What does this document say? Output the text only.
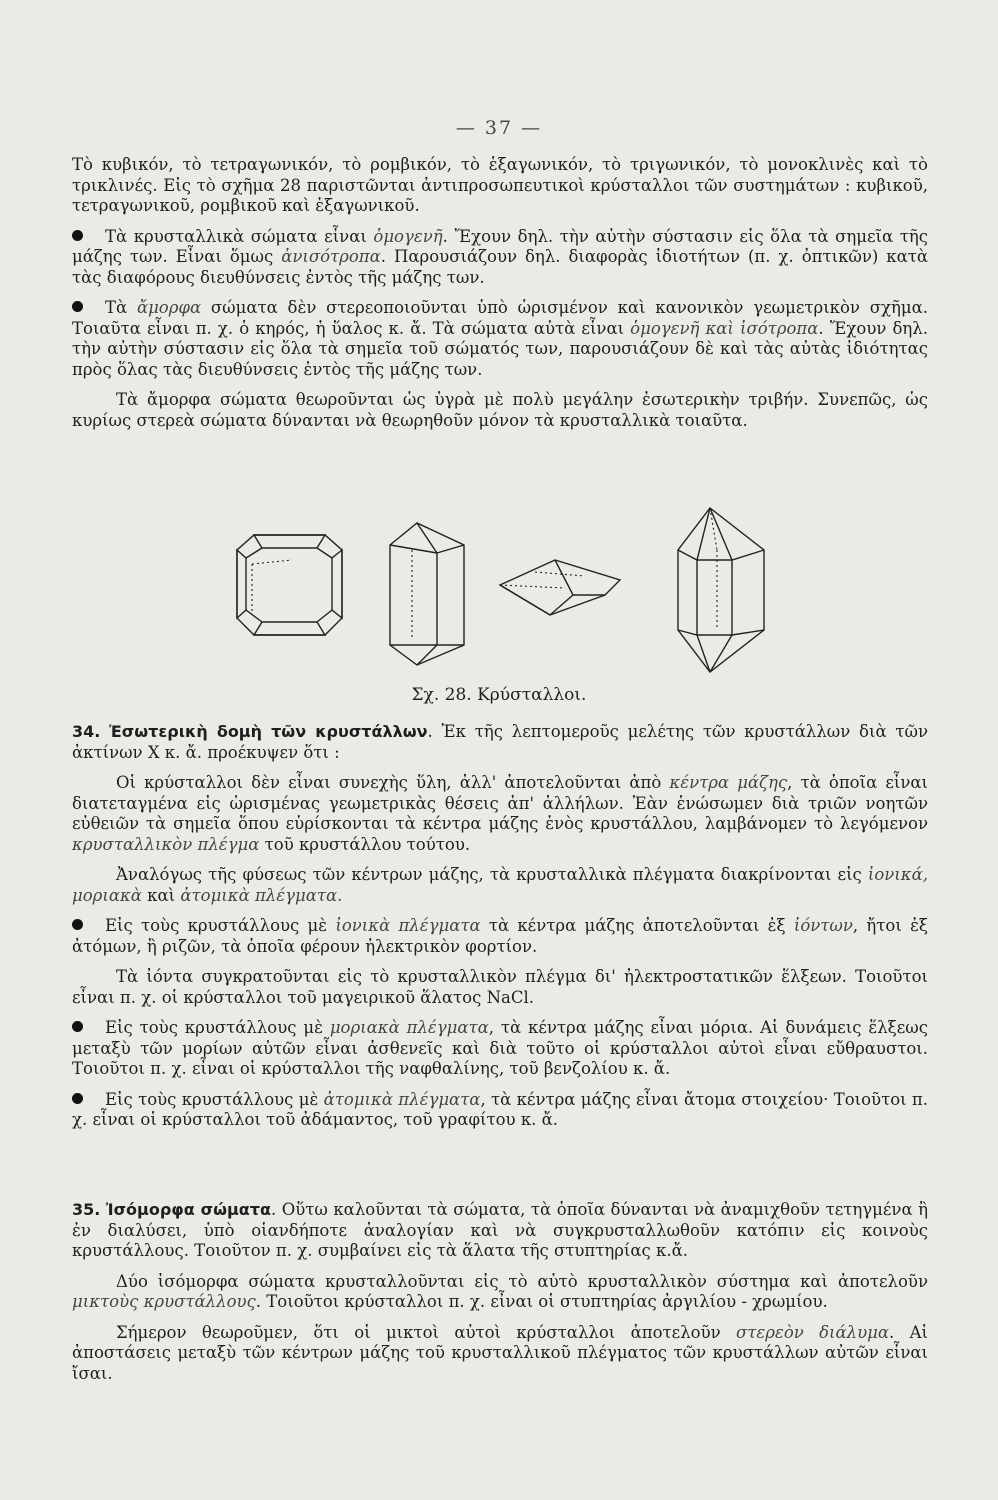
— 37 —

Τὸ κυβικόν, τὸ τετραγωνικόν, τὸ ρομβικόν, τὸ ἑξαγωνικόν, τὸ τριγωνικόν, τὸ μονοκλινὲς καὶ τὸ τρικλινές. Εἰς τὸ σχῆμα 28 παριστῶνται ἀντιπροσωπευτικοὶ κρύσταλλοι τῶν συστημάτων : κυβικοῦ, τετραγωνικοῦ, ρομβικοῦ καὶ ἑξαγωνικοῦ.

Τὰ κρυσταλλικὰ σώματα εἶναι ὁμογενῆ. Ἔχουν δηλ. τὴν αὐτὴν σύστασιν εἰς ὅλα τὰ σημεῖα τῆς μάζης των. Εἶναι ὅμως ἀνισότροπα. Παρουσιάζουν δηλ. διαφορὰς ἰδιοτήτων (π. χ. ὀπτικῶν) κατὰ τὰς διαφόρους διευθύνσεις ἐντὸς τῆς μάζης των.

Τὰ ἄμορφα σώματα δὲν στερεοποιοῦνται ὑπὸ ὡρισμένον καὶ κανονικὸν γεωμετρικὸν σχῆμα. Τοιαῦτα εἶναι π. χ. ὁ κηρός, ἡ ὕαλος κ. ἄ. Τὰ σώματα αὐτὰ εἶναι ὁμογενῆ καὶ ἰσότροπα. Ἔχουν δηλ. τὴν αὐτὴν σύστασιν εἰς ὅλα τὰ σημεῖα τοῦ σώματός των, παρουσιάζουν δὲ καὶ τὰς αὐτὰς ἰδιότητας πρὸς ὅλας τὰς διευθύνσεις ἐντὸς τῆς μάζης των.

Τὰ ἄμορφα σώματα θεωροῦνται ὡς ὑγρὰ μὲ πολὺ μεγάλην ἐσωτερικὴν τριβήν. Συνεπῶς, ὡς κυρίως στερεὰ σώματα δύνανται νὰ θεωρηθοῦν μόνον τὰ κρυσταλλικὰ τοιαῦτα.

Σχ. 28. Κρύσταλλοι.

34. Ἐσωτερικὴ δομὴ τῶν κρυστάλλων. Ἐκ τῆς λεπτομεροῦς μελέτης τῶν κρυστάλλων διὰ τῶν ἀκτίνων Χ κ. ἄ. προέκυψεν ὅτι :

Οἱ κρύσταλλοι δὲν εἶναι συνεχὴς ὕλη, ἀλλ' ἀποτελοῦνται ἀπὸ κέντρα μάζης, τὰ ὁποῖα εἶναι διατεταγμένα εἰς ὡρισμένας γεωμετρικὰς θέσεις ἀπ' ἀλλήλων. Ἐὰν ἑνώσωμεν διὰ τριῶν νοητῶν εὐθειῶν τὰ σημεῖα ὅπου εὑρίσκονται τὰ κέντρα μάζης ἑνὸς κρυστάλλου, λαμβάνομεν τὸ λεγόμενον κρυσταλλικὸν πλέγμα τοῦ κρυστάλλου τούτου.

Ἀναλόγως τῆς φύσεως τῶν κέντρων μάζης, τὰ κρυσταλλικὰ πλέγματα διακρίνονται εἰς ἰονικά, μοριακὰ καὶ ἀτομικὰ πλέγματα.

Εἰς τοὺς κρυστάλλους μὲ ἰονικὰ πλέγματα τὰ κέντρα μάζης ἀποτελοῦνται ἐξ ἰόντων, ἤτοι ἐξ ἀτόμων, ἢ ριζῶν, τὰ ὁποῖα φέρουν ἠλεκτρικὸν φορτίον.

Τὰ ἰόντα συγκρατοῦνται εἰς τὸ κρυσταλλικὸν πλέγμα δι' ἠλεκτροστατικῶν ἕλξεων. Τοιοῦτοι εἶναι π. χ. οἱ κρύσταλλοι τοῦ μαγειρικοῦ ἅλατος NaCl.

Εἰς τοὺς κρυστάλλους μὲ μοριακὰ πλέγματα, τὰ κέντρα μάζης εἶναι μόρια. Αἱ δυνάμεις ἕλξεως μεταξὺ τῶν μορίων αὐτῶν εἶναι ἀσθενεῖς καὶ διὰ τοῦτο οἱ κρύσταλλοι αὐτοὶ εἶναι εὔθραυστοι. Τοιοῦτοι π. χ. εἶναι οἱ κρύσταλλοι τῆς ναφθαλίνης, τοῦ βενζολίου κ. ἄ.

Εἰς τοὺς κρυστάλλους μὲ ἀτομικὰ πλέγματα, τὰ κέντρα μάζης εἶναι ἄτομα στοιχείου· Τοιοῦτοι π. χ. εἶναι οἱ κρύσταλλοι τοῦ ἀδάμαντος, τοῦ γραφίτου κ. ἄ.

35. Ἰσόμορφα σώματα. Οὕτω καλοῦνται τὰ σώματα, τὰ ὁποῖα δύνανται νὰ ἀναμιχθοῦν τετηγμένα ἢ ἐν διαλύσει, ὑπὸ οἱανδήποτε ἀναλογίαν καὶ νὰ συγκρυσταλλωθοῦν κατόπιν εἰς κοινοὺς κρυστάλλους. Τοιοῦτον π. χ. συμβαίνει εἰς τὰ ἅλατα τῆς στυπτηρίας κ.ἄ.

Δύο ἰσόμορφα σώματα κρυσταλλοῦνται εἰς τὸ αὐτὸ κρυσταλλικὸν σύστημα καὶ ἀποτελοῦν μικτοὺς κρυστάλλους. Τοιοῦτοι κρύσταλλοι π. χ. εἶναι οἱ στυπτηρίας ἀργιλίου - χρωμίου.

Σήμερον θεωροῦμεν, ὅτι οἱ μικτοὶ αὐτοὶ κρύσταλλοι ἀποτελοῦν στερεὸν διάλυμα. Αἱ ἀποστάσεις μεταξὺ τῶν κέντρων μάζης τοῦ κρυσταλλικοῦ πλέγματος τῶν κρυστάλλων αὐτῶν εἶναι ἴσαι.
